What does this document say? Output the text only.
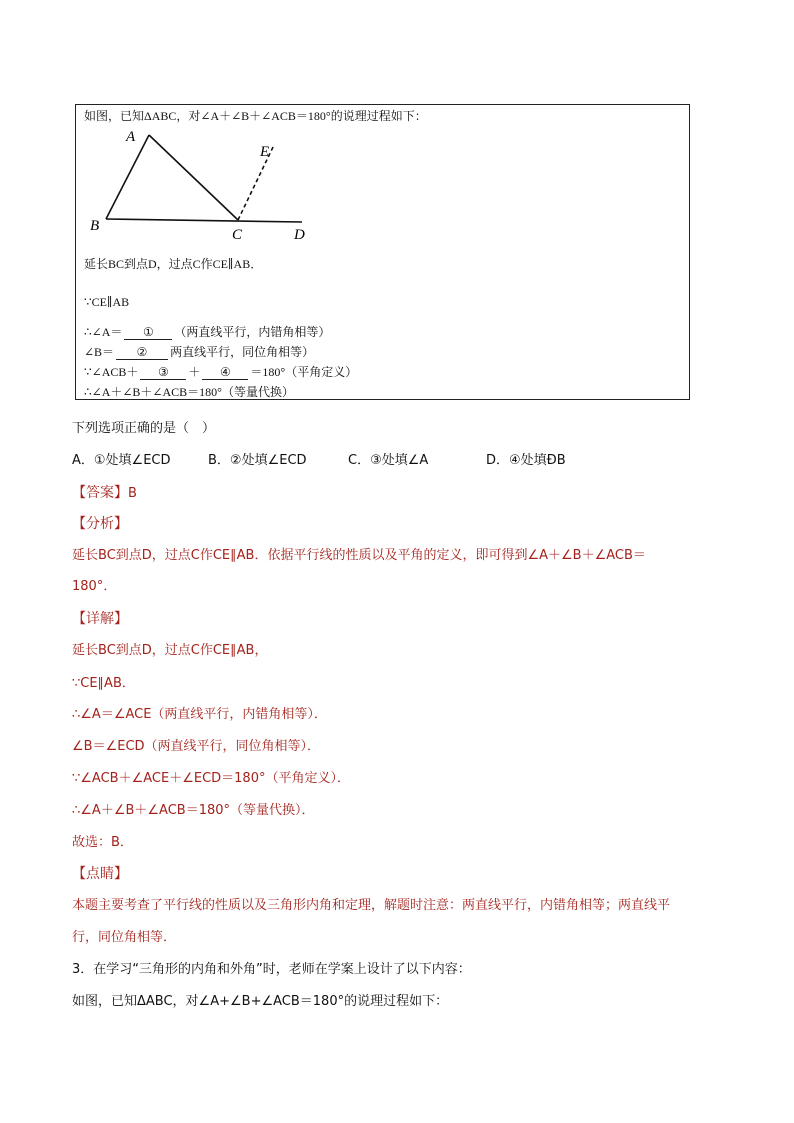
如图，已知ΔABC，对∠A＋∠B＋∠ACB＝180°的说理过程如下：
A
B
C	D
E
延长BC到点D，过点C作CE∥AB．
∵CE∥AB
∴∠A＝ ① （两直线平行，内错角相等）
∠B＝ ② 两直线平行，同位角相等）
∵∠ACB＋ ③ ＋ ④ ＝180°（平角定义）
∴∠A＋∠B＋∠ACB＝180°（等量代换）
下列选项正确的是（　）
A．①处填∠ECD	B．②处填∠ECD	C．③处填∠A	D．④处填ÐB
【答案】B
【分析】
延长BC到点D，过点C作CE∥AB．依据平行线的性质以及平角的定义，即可得到∠A＋∠B＋∠ACB＝
180°．
【详解】
延长BC到点D，过点C作CE∥AB，
∵CE∥AB．
∴∠A＝∠ACE（两直线平行，内错角相等）．
∠B＝∠ECD（两直线平行，同位角相等）．
∵∠ACB＋∠ACE＋∠ECD＝180°（平角定义）．
∴∠A＋∠B＋∠ACB＝180°（等量代换）．
故选：B．
【点睛】
本题主要考查了平行线的性质以及三角形内角和定理，解题时注意：两直线平行，内错角相等；两直线平
行，同位角相等．
3．在学习“三角形的内角和外角”时，老师在学案上设计了以下内容：
如图，已知ΔABC，对∠A+∠B+∠ACB＝180°的说理过程如下：
